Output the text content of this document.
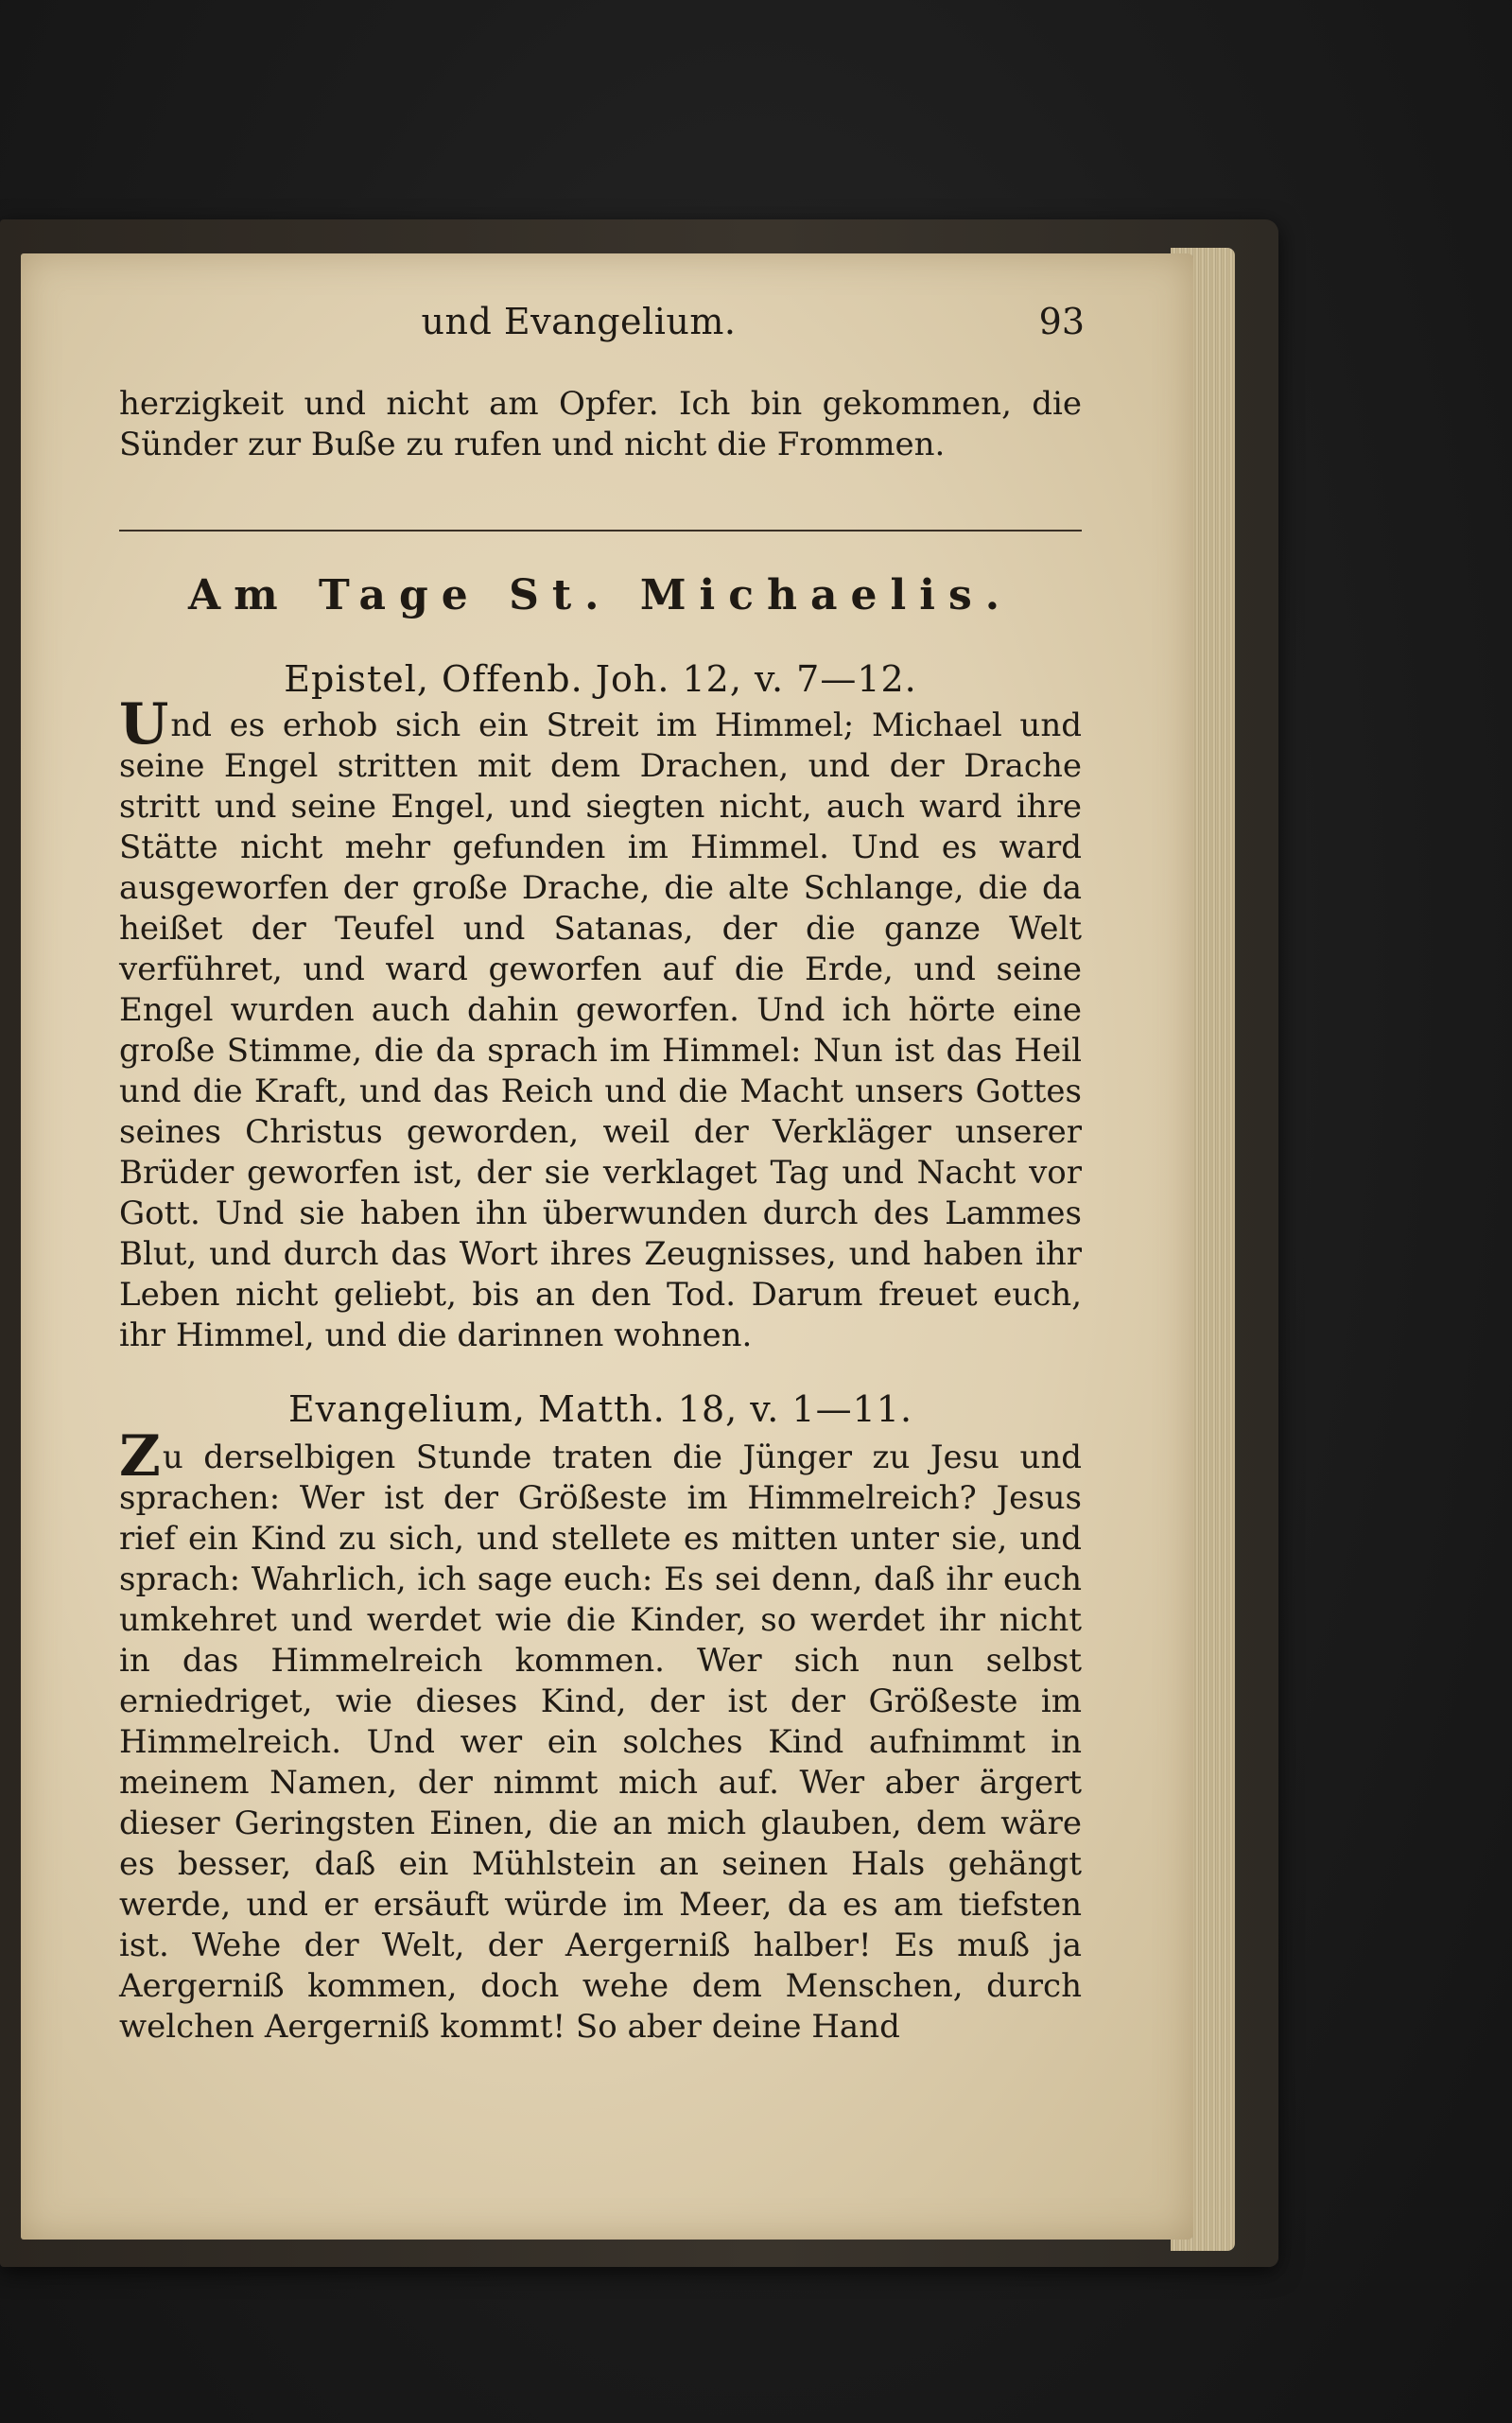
und Evangelium.	93
herzigkeit und nicht am Opfer. Ich bin gekommen, die Sünder zur Buße zu rufen und nicht die Frommen.
Am Tage St. Michaelis.
Epistel, Offenb. Joh. 12, v. 7—12.
Und es erhob sich ein Streit im Himmel; Michael und seine Engel stritten mit dem Drachen, und der Drache stritt und seine Engel, und siegten nicht, auch ward ihre Stätte nicht mehr gefunden im Himmel. Und es ward ausgeworfen der große Drache, die alte Schlange, die da heißet der Teufel und Satanas, der die ganze Welt verführet, und ward geworfen auf die Erde, und seine Engel wurden auch dahin geworfen. Und ich hörte eine große Stimme, die da sprach im Himmel: Nun ist das Heil und die Kraft, und das Reich und die Macht unsers Gottes seines Christus geworden, weil der Verkläger unserer Brüder geworfen ist, der sie verklaget Tag und Nacht vor Gott. Und sie haben ihn überwunden durch des Lammes Blut, und durch das Wort ihres Zeugnisses, und haben ihr Leben nicht geliebt, bis an den Tod. Darum freuet euch, ihr Himmel, und die darinnen wohnen.
Evangelium, Matth. 18, v. 1—11.
Zu derselbigen Stunde traten die Jünger zu Jesu und sprachen: Wer ist der Größeste im Himmelreich? Jesus rief ein Kind zu sich, und stellete es mitten unter sie, und sprach: Wahrlich, ich sage euch: Es sei denn, daß ihr euch umkehret und werdet wie die Kinder, so werdet ihr nicht in das Himmelreich kommen. Wer sich nun selbst erniedriget, wie dieses Kind, der ist der Größeste im Himmelreich. Und wer ein solches Kind aufnimmt in meinem Namen, der nimmt mich auf. Wer aber ärgert dieser Geringsten Einen, die an mich glauben, dem wäre es besser, daß ein Mühlstein an seinen Hals gehängt werde, und er ersäuft würde im Meer, da es am tiefsten ist. Wehe der Welt, der Aergerniß halber! Es muß ja Aergerniß kommen, doch wehe dem Menschen, durch welchen Aergerniß kommt! So aber deine Hand
